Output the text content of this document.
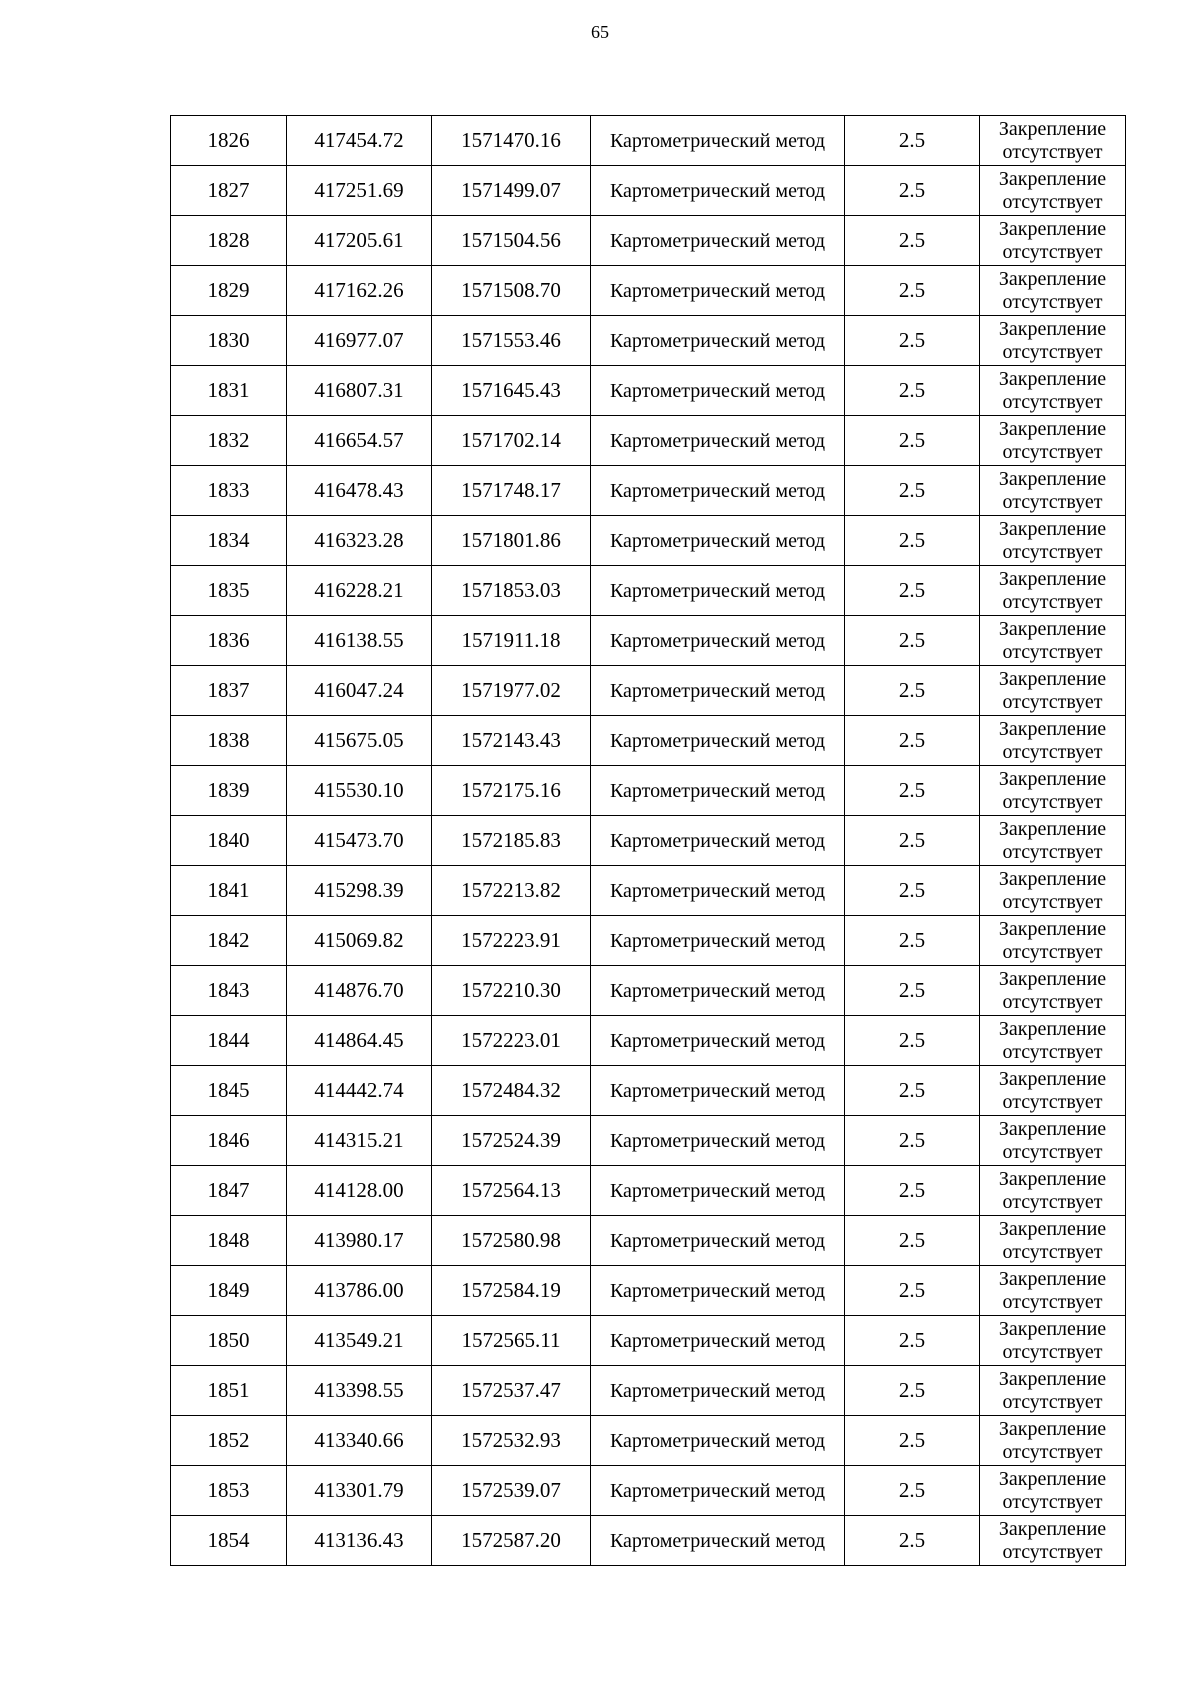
65
1826	417454.72	1571470.16	Картометрический метод	2.5	Закрепление отсутствует
1827	417251.69	1571499.07	Картометрический метод	2.5	Закрепление отсутствует
1828	417205.61	1571504.56	Картометрический метод	2.5	Закрепление отсутствует
1829	417162.26	1571508.70	Картометрический метод	2.5	Закрепление отсутствует
1830	416977.07	1571553.46	Картометрический метод	2.5	Закрепление отсутствует
1831	416807.31	1571645.43	Картометрический метод	2.5	Закрепление отсутствует
1832	416654.57	1571702.14	Картометрический метод	2.5	Закрепление отсутствует
1833	416478.43	1571748.17	Картометрический метод	2.5	Закрепление отсутствует
1834	416323.28	1571801.86	Картометрический метод	2.5	Закрепление отсутствует
1835	416228.21	1571853.03	Картометрический метод	2.5	Закрепление отсутствует
1836	416138.55	1571911.18	Картометрический метод	2.5	Закрепление отсутствует
1837	416047.24	1571977.02	Картометрический метод	2.5	Закрепление отсутствует
1838	415675.05	1572143.43	Картометрический метод	2.5	Закрепление отсутствует
1839	415530.10	1572175.16	Картометрический метод	2.5	Закрепление отсутствует
1840	415473.70	1572185.83	Картометрический метод	2.5	Закрепление отсутствует
1841	415298.39	1572213.82	Картометрический метод	2.5	Закрепление отсутствует
1842	415069.82	1572223.91	Картометрический метод	2.5	Закрепление отсутствует
1843	414876.70	1572210.30	Картометрический метод	2.5	Закрепление отсутствует
1844	414864.45	1572223.01	Картометрический метод	2.5	Закрепление отсутствует
1845	414442.74	1572484.32	Картометрический метод	2.5	Закрепление отсутствует
1846	414315.21	1572524.39	Картометрический метод	2.5	Закрепление отсутствует
1847	414128.00	1572564.13	Картометрический метод	2.5	Закрепление отсутствует
1848	413980.17	1572580.98	Картометрический метод	2.5	Закрепление отсутствует
1849	413786.00	1572584.19	Картометрический метод	2.5	Закрепление отсутствует
1850	413549.21	1572565.11	Картометрический метод	2.5	Закрепление отсутствует
1851	413398.55	1572537.47	Картометрический метод	2.5	Закрепление отсутствует
1852	413340.66	1572532.93	Картометрический метод	2.5	Закрепление отсутствует
1853	413301.79	1572539.07	Картометрический метод	2.5	Закрепление отсутствует
1854	413136.43	1572587.20	Картометрический метод	2.5	Закрепление отсутствует
